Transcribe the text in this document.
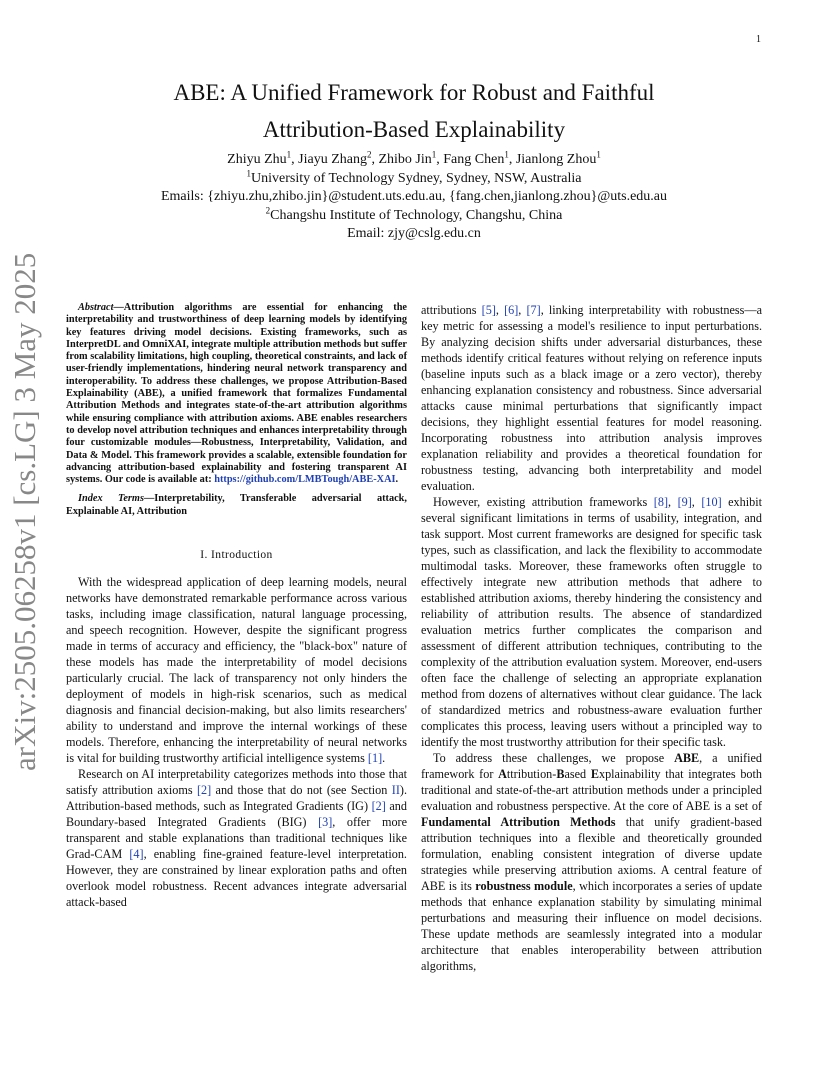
1
arXiv:2505.06258v1 [cs.LG] 3 May 2025
ABE: A Unified Framework for Robust and Faithful
Attribution-Based Explainability
Zhiyu Zhu$^1$, Jiayu Zhang$^2$, Zhibo Jin$^1$, Fang Chen$^1$, Jianlong Zhou$^1$
$^1$University of Technology Sydney, Sydney, NSW, Australia
Emails: {zhiyu.zhu,zhibo.jin}@student.uts.edu.au, {fang.chen,jianlong.zhou}@uts.edu.au
$^2$Changshu Institute of Technology, Changshu, China
Email: zjy@cslg.edu.cn

Abstract—Attribution algorithms are essential for enhancing the interpretability and trustworthiness of deep learning models by identifying key features driving model decisions. Existing frameworks, such as InterpretDL and OmniXAI, integrate multiple attribution methods but suffer from scalability limitations, high coupling, theoretical constraints, and lack of user-friendly implementations, hindering neural network transparency and interoperability. To address these challenges, we propose Attribution-Based Explainability (ABE), a unified framework that formalizes Fundamental Attribution Methods and integrates state-of-the-art attribution algorithms while ensuring compliance with attribution axioms. ABE enables researchers to develop novel attribution techniques and enhances interpretability through four customizable modules—Robustness, Interpretability, Validation, and Data & Model. This framework provides a scalable, extensible foundation for advancing attribution-based explainability and fostering transparent AI systems. Our code is available at: https://github.com/LMBTough/ABE-XAI.

Index Terms—Interpretability, Transferable adversarial attack, Explainable AI, Attribution

I. Introduction

With the widespread application of deep learning models, neural networks have demonstrated remarkable performance across various tasks, including image classification, natural language processing, and speech recognition. However, despite the significant progress made in terms of accuracy and efficiency, the "black-box" nature of these models has made the interpretability of model decisions particularly crucial. The lack of transparency not only hinders the deployment of models in high-risk scenarios, such as medical diagnosis and financial decision-making, but also limits researchers' ability to understand and improve the internal workings of these models. Therefore, enhancing the interpretability of neural networks is vital for building trustworthy artificial intelligence systems [1].

Research on AI interpretability categorizes methods into those that satisfy attribution axioms [2] and those that do not (see Section II). Attribution-based methods, such as Integrated Gradients (IG) [2] and Boundary-based Integrated Gradients (BIG) [3], offer more transparent and stable explanations than traditional techniques like Grad-CAM [4], enabling fine-grained feature-level interpretation. However, they are constrained by linear exploration paths and often overlook model robustness. Recent advances integrate adversarial attack-based

attributions [5], [6], [7], linking interpretability with robustness—a key metric for assessing a model's resilience to input perturbations. By analyzing decision shifts under adversarial disturbances, these methods identify critical features without relying on reference inputs (baseline inputs such as a black image or a zero vector), thereby enhancing explanation consistency and robustness. Since adversarial attacks cause minimal perturbations that significantly impact decisions, they highlight essential features for model reasoning. Incorporating robustness into attribution analysis improves explanation reliability and provides a theoretical foundation for robustness testing, advancing both interpretability and model evaluation.

However, existing attribution frameworks [8], [9], [10] exhibit several significant limitations in terms of usability, integration, and task support. Most current frameworks are designed for specific task types, such as classification, and lack the flexibility to accommodate multimodal tasks. Moreover, these frameworks often struggle to effectively integrate new attribution methods that adhere to established attribution axioms, thereby hindering the consistency and reliability of attribution results. The absence of standardized evaluation metrics further complicates the comparison and assessment of different attribution techniques, contributing to the complexity of the attribution evaluation system. Moreover, end-users often face the challenge of selecting an appropriate explanation method from dozens of alternatives without clear guidance. The lack of standardized metrics and robustness-aware evaluation further complicates this process, leaving users without a principled way to identify the most trustworthy attribution for their specific task.

To address these challenges, we propose ABE, a unified framework for Attribution-Based Explainability that integrates both traditional and state-of-the-art attribution methods under a principled evaluation and robustness perspective. At the core of ABE is a set of Fundamental Attribution Methods that unify gradient-based attribution techniques into a flexible and theoretically grounded formulation, enabling consistent integration of diverse update strategies while preserving attribution axioms. A central feature of ABE is its robustness module, which incorporates a series of update methods that enhance explanation stability by simulating minimal perturbations and measuring their influence on model decisions. These update methods are seamlessly integrated into a modular architecture that enables interoperability between attribution algorithms,
